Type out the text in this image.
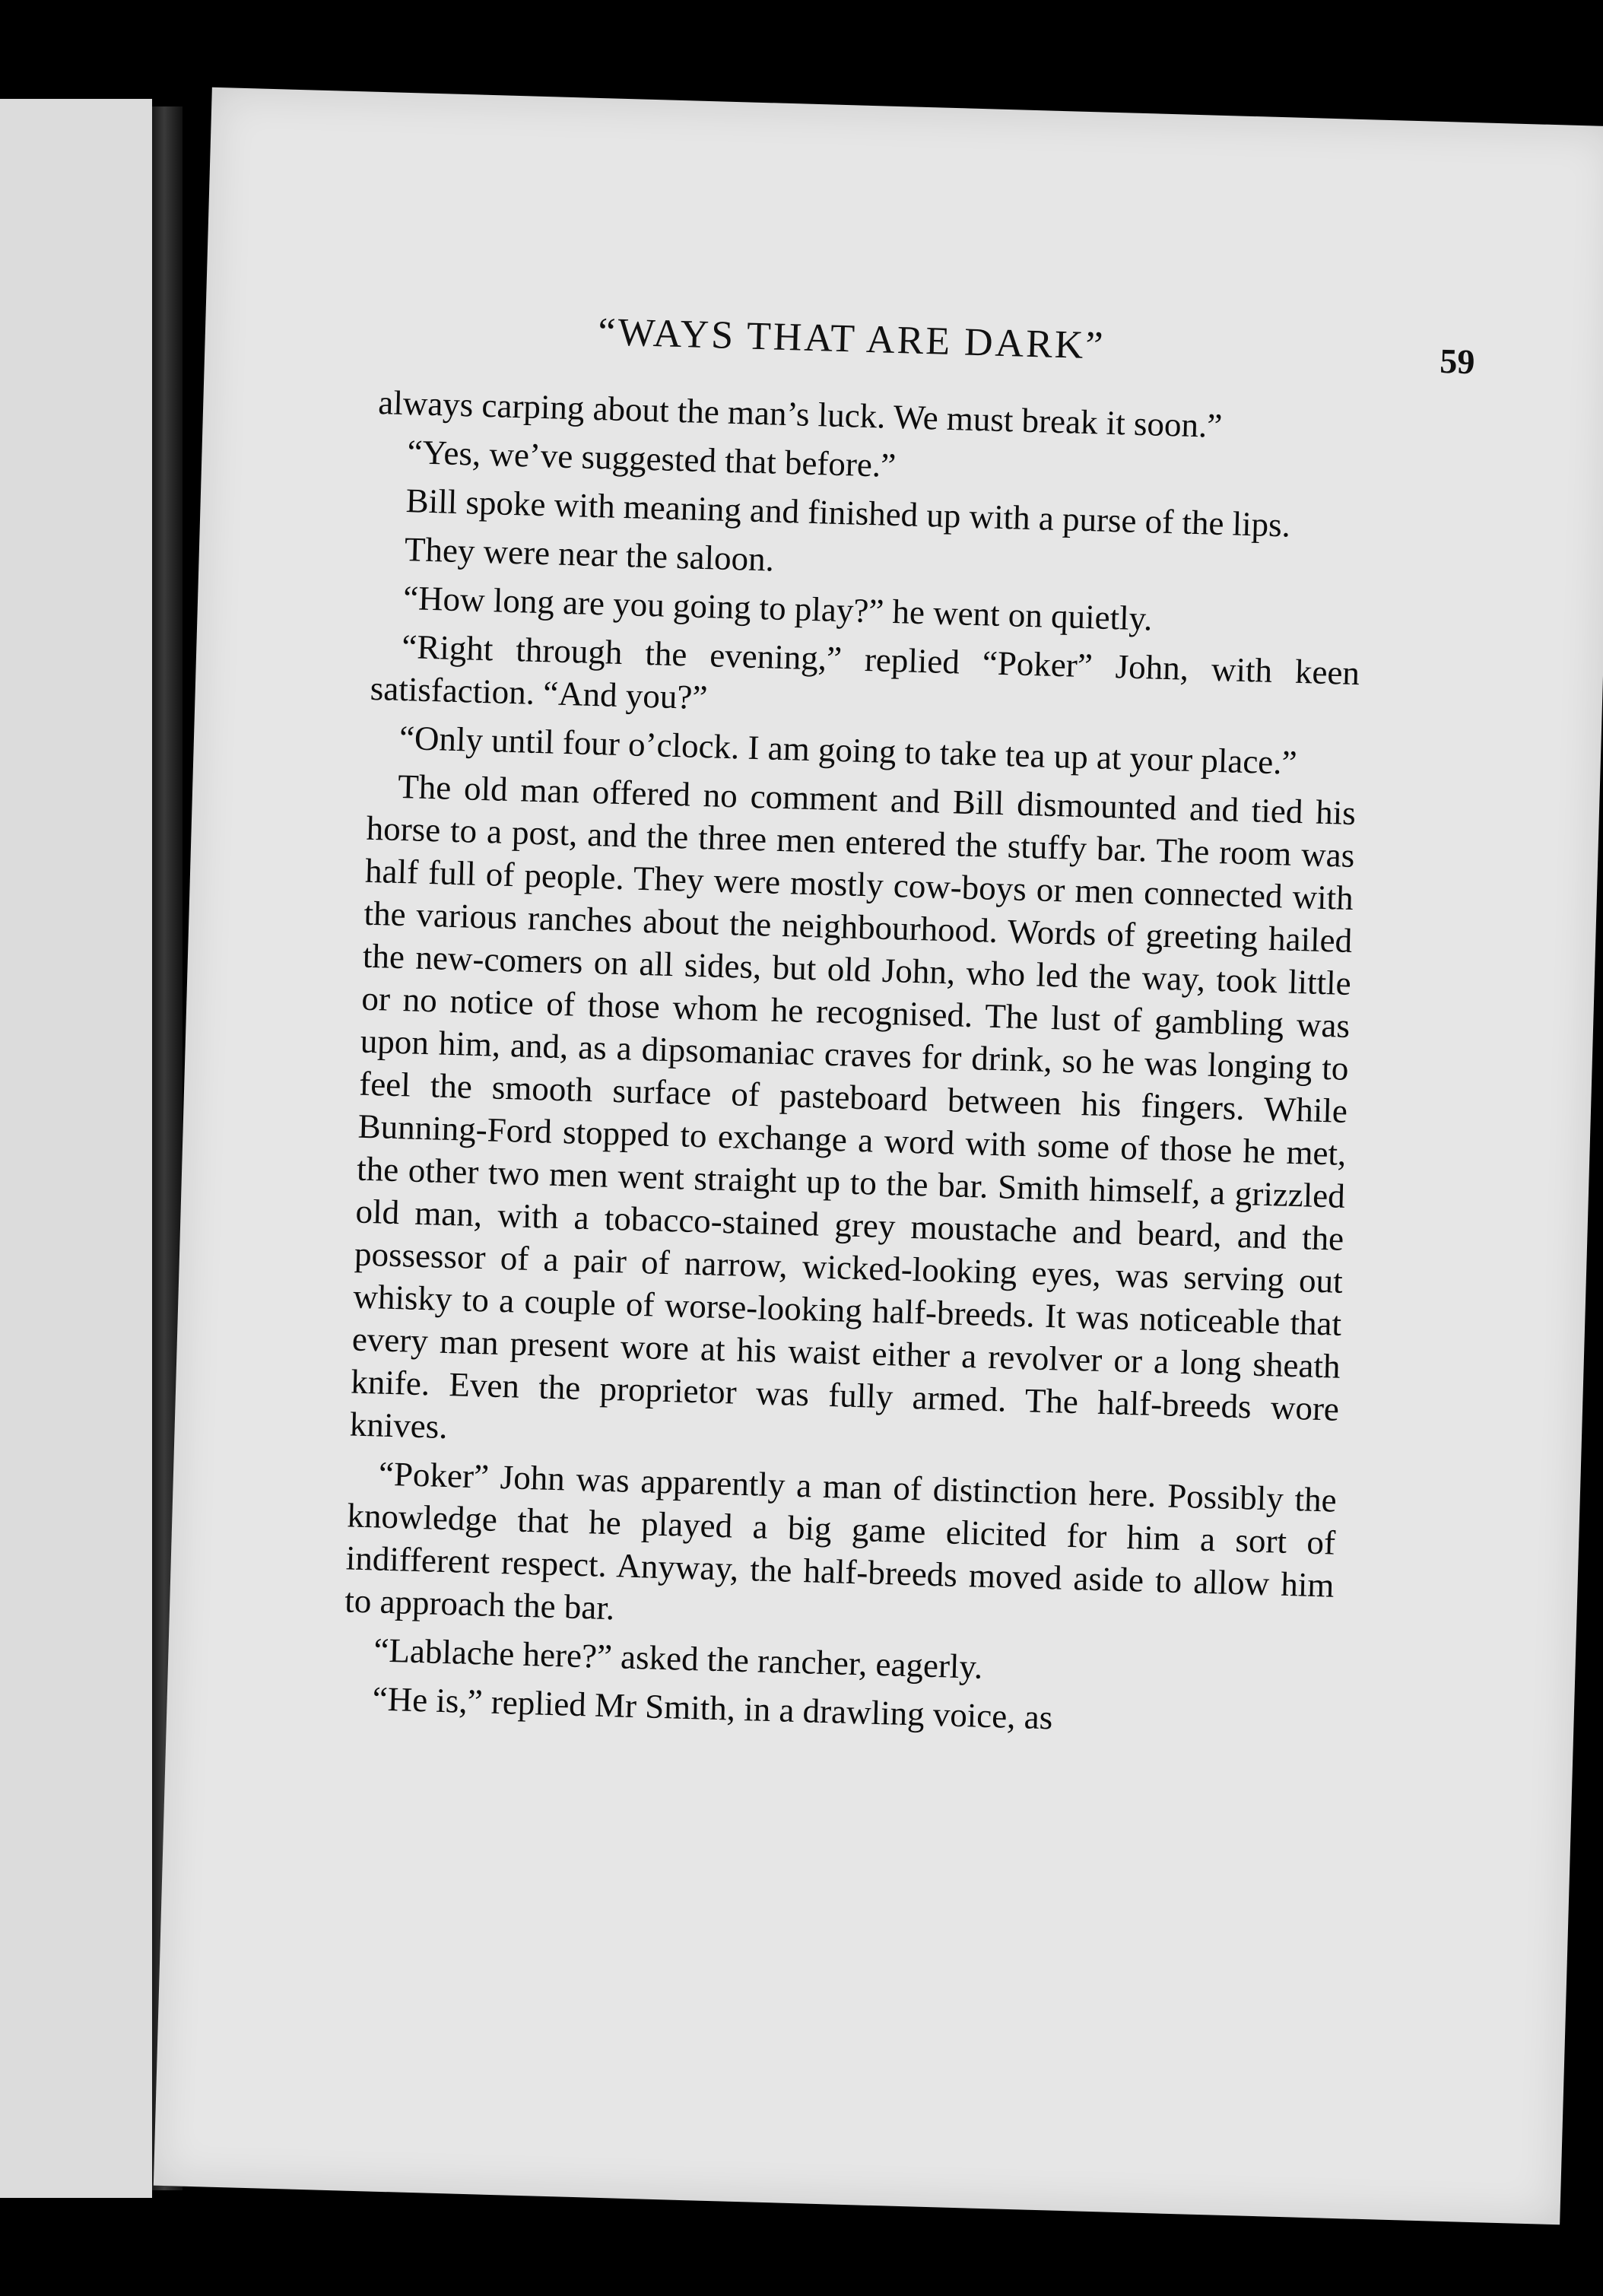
“WAYS THAT ARE DARK”	59

always carping about the man’s luck. We must break it soon.”

“Yes, we’ve suggested that before.”

Bill spoke with meaning and finished up with a purse of the lips.

They were near the saloon.

“How long are you going to play?” he went on quietly.

“Right through the evening,” replied “Poker” John, with keen satisfaction. “And you?”

“Only until four o’clock. I am going to take tea up at your place.”

The old man offered no comment and Bill dismounted and tied his horse to a post, and the three men entered the stuffy bar. The room was half full of people. They were mostly cow-boys or men connected with the various ranches about the neighbourhood. Words of greeting hailed the new-comers on all sides, but old John, who led the way, took little or no notice of those whom he recognised. The lust of gambling was upon him, and, as a dipsomaniac craves for drink, so he was longing to feel the smooth surface of pasteboard between his fingers. While Bunning-Ford stopped to exchange a word with some of those he met, the other two men went straight up to the bar. Smith himself, a grizzled old man, with a tobacco-stained grey moustache and beard, and the possessor of a pair of narrow, wicked-looking eyes, was serving out whisky to a couple of worse-looking half-breeds. It was noticeable that every man present wore at his waist either a revolver or a long sheath knife. Even the proprietor was fully armed. The half-breeds wore knives.

“Poker” John was apparently a man of distinction here. Possibly the knowledge that he played a big game elicited for him a sort of indifferent respect. Anyway, the half-breeds moved aside to allow him to approach the bar.

“Lablache here?” asked the rancher, eagerly.

“He is,” replied Mr Smith, in a drawling voice, as
